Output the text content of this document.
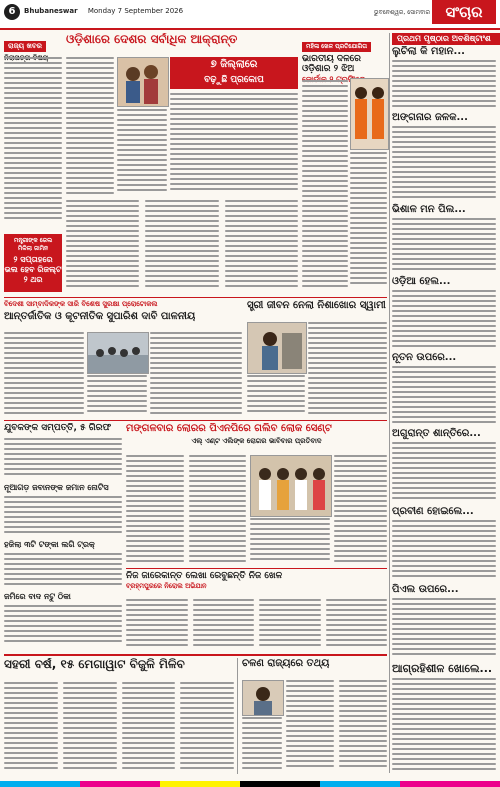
6	Bhubaneswar Monday 7 September 2026	ଭୁବନେଶ୍ୱର, ସୋମବାର	ସଂଚାର
ରାଜ୍ୟ ଖବର	ଓଡ଼ିଶାରେ ଦେଶର ସର୍ବାଧିକ ଆକ୍ରାନ୍ତ
୭ ଜିଲ୍ଲାରେ
ବଢ଼ୁଛି ପ୍ରକୋପ
ମନ୍ତ୍ରୀଙ୍କ ଜେଲ
ମିଳିଲା ଜାମିନ
୨ ସପ୍ତାହରେ
ଭଲ ହେବ ରିଜଲ୍ଟ
୨ ଥର
ମହିଳା ଖେଳ ପ୍ରତିଯୋଗିତା
ଭାରତୀୟ ଦଳରେ ଓଡ଼ିଶାର ୨ ଝିଅ
ଟ୍ରଫିରେ
ପ୍ରଥମ ପୃଷ୍ଠାର ଅବଶିଷ୍ଟାଂଶ
ଲୁଚିଲା କି ମହାନ...
ଅଙ୍ଗନାର ଜଳକ...
ଭିଶାଳ ମନ ପିଲ...
ଓଡ଼ିଆ ହେଲ...
ନୂତନ ଉପରେ...
ଅଗୁରାନ୍ତ ଶାନ୍ତିରେ...
ପ୍ରବୀଣ ହୋଇଲେ...
ପିଏଲ ଉପରେ...
ଆଗ୍ରହିଶୀଳ ଖୋଲେ...
ବିଦେଶୀ ସାମ୍ବାଦିକଙ୍କ ସାରି ବିଶେଷ ସୁରକ୍ଷା ପ୍ରୋଟୋକଲ
ଆନ୍ତର୍ଜାତିକ ଓ କୂଟନୀତିକ ସୁପାରିଶ ଦାବି ପାଳନୀୟ
ସ୍ତ୍ରୀ ଜୀବନ ନେଲା ନିଶାଖୋର ସ୍ୱାମୀ
ଯୁବକଙ୍କ ସମ୍ପତ୍ତି, ୫ ଗିରଫ
ନୂଆଗଡ଼ ଜବାନଙ୍କ ଜମାନ ନୋଟିସ
ହଜିଲା ୩ଟି ଟଙ୍କା ଲଗି ଟ୍ରକ୍
ଜମିରେ ବାଦ ନଟୁ ଠିକା
ମଙ୍ଗଳବାର ଲୋରର ପିଏନପିରେ ଗଲିବ ଲୋକ ସେଣ୍ଟ
ଏଲ୍ ଏଣ୍ଟ ଏଲିଙ୍କ ରୋଗର ଭାବିବାର ପ୍ରତିବାଦ
ନିଜ ଜାରେକାନ୍ତ ଲେଖା ରେବୁଛନ୍ତି ନିଜ ଖେଳ
ବ୍ରହ୍ମପୁରରେ ନିରୋଲ ଅଭିଯାନ
ସହରୀ ବର୍ଷ, ୧୫ ମେଗାୱାଟ ବିଜୁଳି ମିଳିବ	ଚଳଣ ରାଜ୍ୟରେ ତଥ୍ୟ
